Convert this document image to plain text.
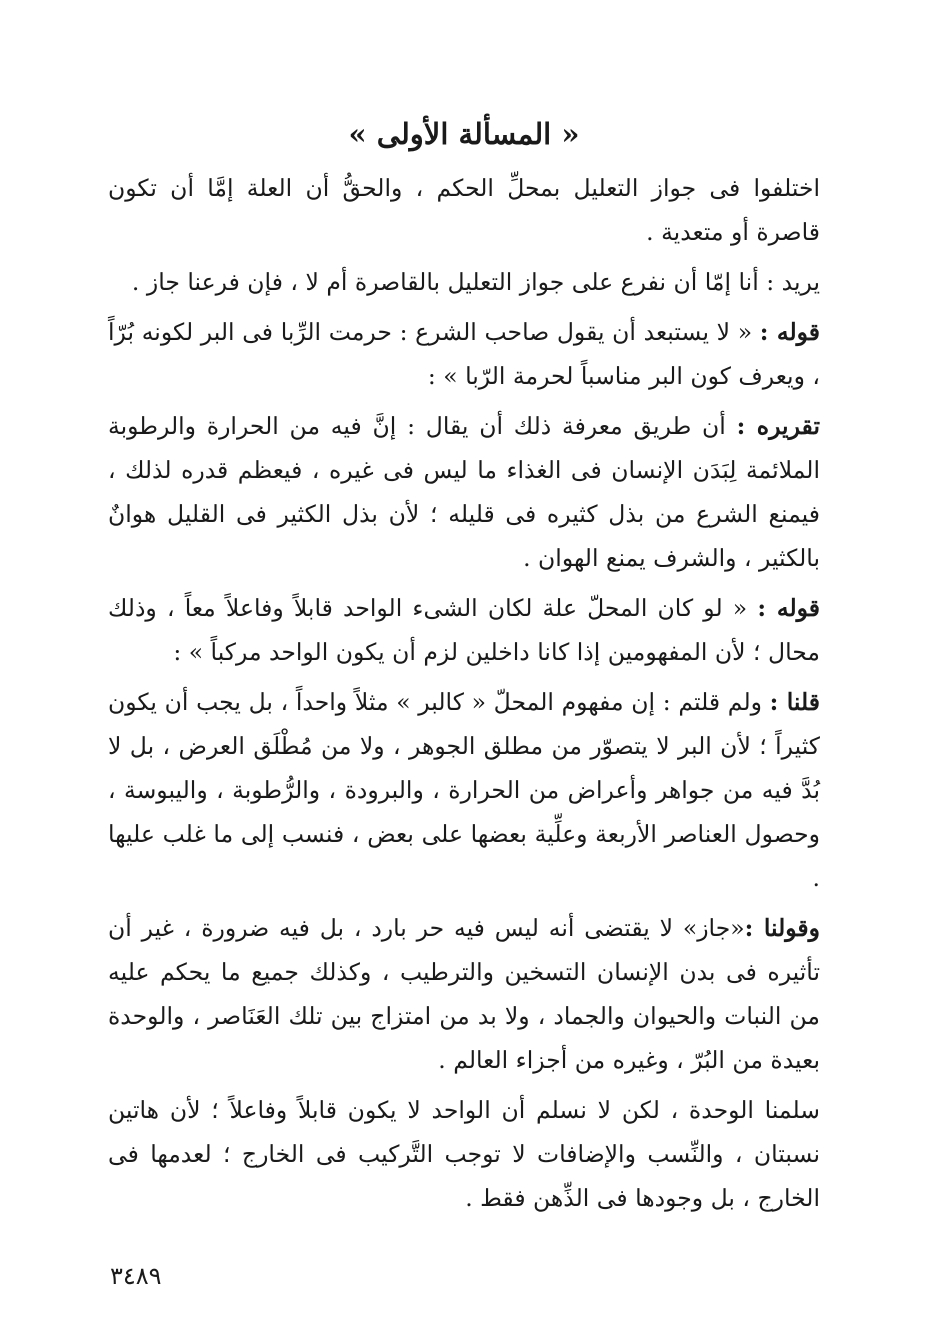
« المسألة الأولى »

اختلفوا فى جواز التعليل بمحلِّ الحكم ، والحقُّ أن العلة إمَّا أن تكون قاصرة أو متعدية .

يريد : أنا إمّا أن نفرع على جواز التعليل بالقاصرة أم لا ، فإن فرعنا جاز .

قوله : « لا يستبعد أن يقول صاحب الشرع : حرمت الرِّبا فى البر لكونه بُرّاً ، ويعرف كون البر مناسباً لحرمة الرّبا » :

تقريره : أن طريق معرفة ذلك أن يقال : إنَّ فيه من الحرارة والرطوبة الملائمة لِبَدَن الإنسان فى الغذاء ما ليس فى غيره ، فيعظم قدره لذلك ، فيمنع الشرع من بذل كثيره فى قليله ؛ لأن بذل الكثير فى القليل هوانٌ بالكثير ، والشرف يمنع الهوان .

قوله : « لو كان المحلّ علة لكان الشىء الواحد قابلاً وفاعلاً معاً ، وذلك محال ؛ لأن المفهومين إذا كانا داخلين لزم أن يكون الواحد مركباً » :

قلنا : ولم قلتم : إن مفهوم المحلّ « كالبر » مثلاً واحداً ، بل يجب أن يكون كثيراً ؛ لأن البر لا يتصوّر من مطلق الجوهر ، ولا من مُطْلَق العرض ، بل لا بُدَّ فيه من جواهر وأعراض من الحرارة ، والبرودة ، والرُّطوبة ، واليبوسة ، وحصول العناصر الأربعة وعلِّية بعضها على بعض ، فنسب إلى ما غلب عليها .

وقولنا :«جاز» لا يقتضى أنه ليس فيه حر بارد ، بل فيه ضرورة ، غير أن تأثيره فى بدن الإنسان التسخين والترطيب ، وكذلك جميع ما يحكم عليه من النبات والحيوان والجماد ، ولا بد من امتزاج بين تلك العَنَاصر ، والوحدة بعيدة من البُرّ ، وغيره من أجزاء العالم .

سلمنا الوحدة ، لكن لا نسلم أن الواحد لا يكون قابلاً وفاعلاً ؛ لأن هاتين نسبتان ، والنِّسب والإضافات لا توجب التَّركيب فى الخارج ؛ لعدمها فى الخارج ، بل وجودها فى الذِّهن فقط .

٣٤٨٩
